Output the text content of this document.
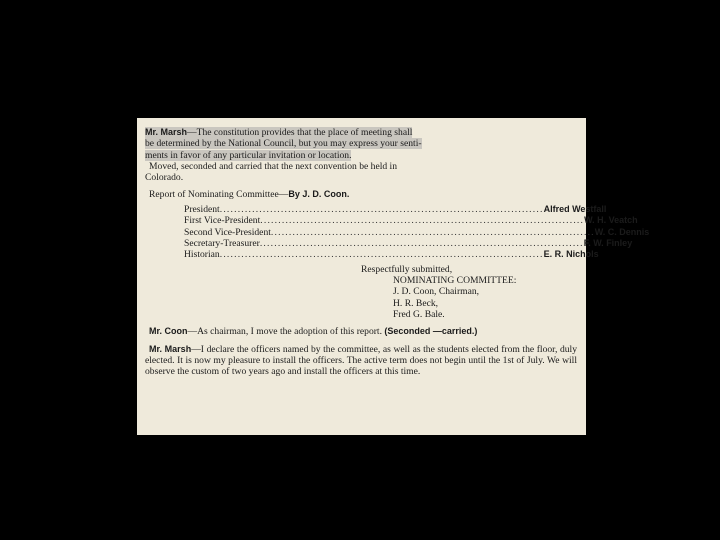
Mr. Marsh—The constitution provides that the place of meeting shall
be determined by the National Council, but you may express your senti-
ments in favor of any particular invitation or location.

Moved, seconded and carried that the next convention be held in
Colorado.

Report of Nominating Committee—By J. D. Coon.

President .......................................................................................... Alfred Westfall
First Vice-President .......................................................................................... W. H. Veatch
Second Vice-President .......................................................................................... W. C. Dennis
Secretary-Treasurer .......................................................................................... F. W. Finley
Historian .......................................................................................... E. R. Nichols
Respectfully submitted,
NOMINATING COMMITTEE:
J. D. Coon, Chairman,
H. R. Beck,
Fred G. Bale.

Mr. Coon—As chairman, I move the adoption of this report. (Seconded —carried.)

Mr. Marsh—I declare the officers named by the committee, as well as the students elected from the floor, duly elected. It is now my pleasure to install the officers. The active term does not begin until the 1st of July. We will observe the custom of two years ago and install the officers at this time.
